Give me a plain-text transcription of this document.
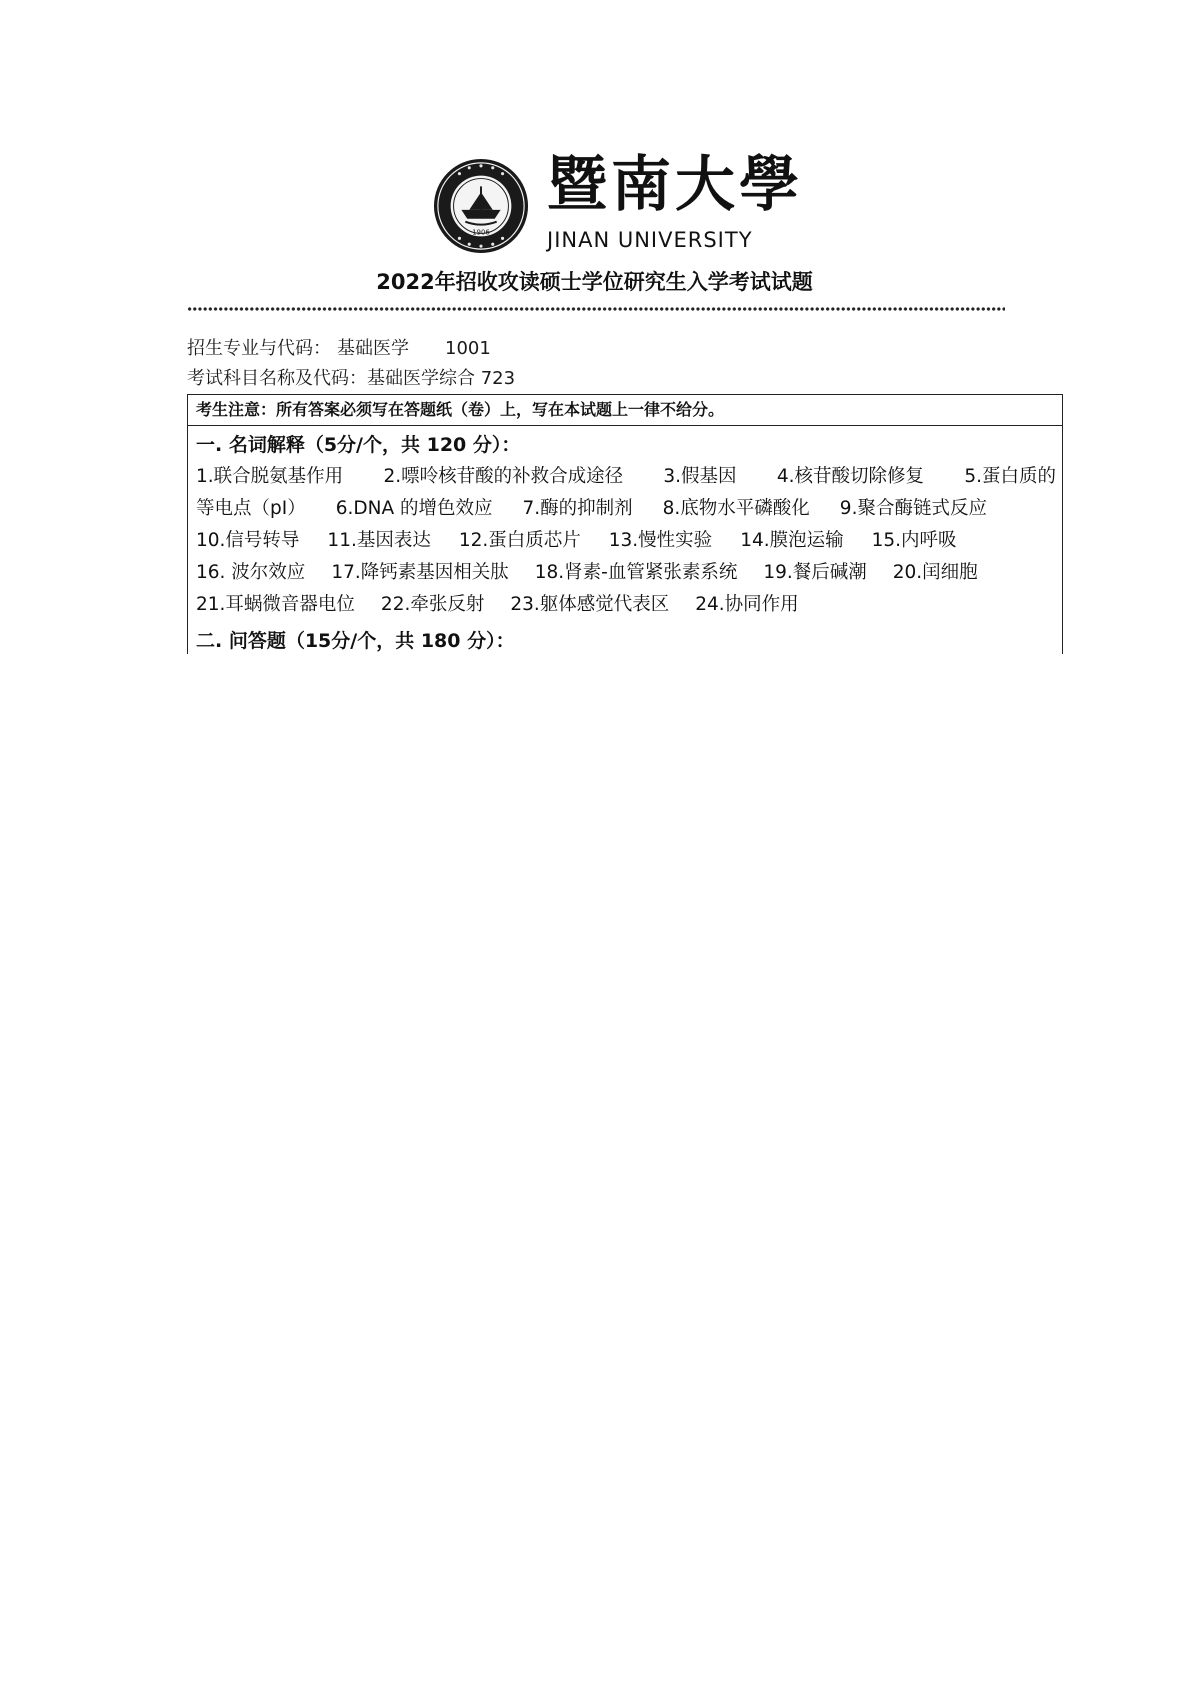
1906
暨南大學
JINAN UNIVERSITY
2022年招收攻读硕士学位研究生入学考试试题
招生专业与代码： 基础医学 1001
考试科目名称及代码：基础医学综合 723
考生注意：所有答案必须写在答题纸（卷）上，写在本试题上一律不给分。
一. 名词解释（5分/个，共 120 分）：
1.联合脱氨基作用 2.嘌呤核苷酸的补救合成途径 3.假基因 4.核苷酸切除修复 5.蛋白质的
等电点（pI） 6.DNA 的增色效应 7.酶的抑制剂 8.底物水平磷酸化 9.聚合酶链式反应
10.信号转导 11.基因表达 12.蛋白质芯片 13.慢性实验 14.膜泡运输 15.内呼吸
16. 波尔效应 17.降钙素基因相关肽 18.肾素-血管紧张素系统 19.餐后碱潮 20.闰细胞
21.耳蜗微音器电位 22.牵张反射 23.躯体感觉代表区 24.协同作用
二. 问答题（15分/个，共 180 分）：
